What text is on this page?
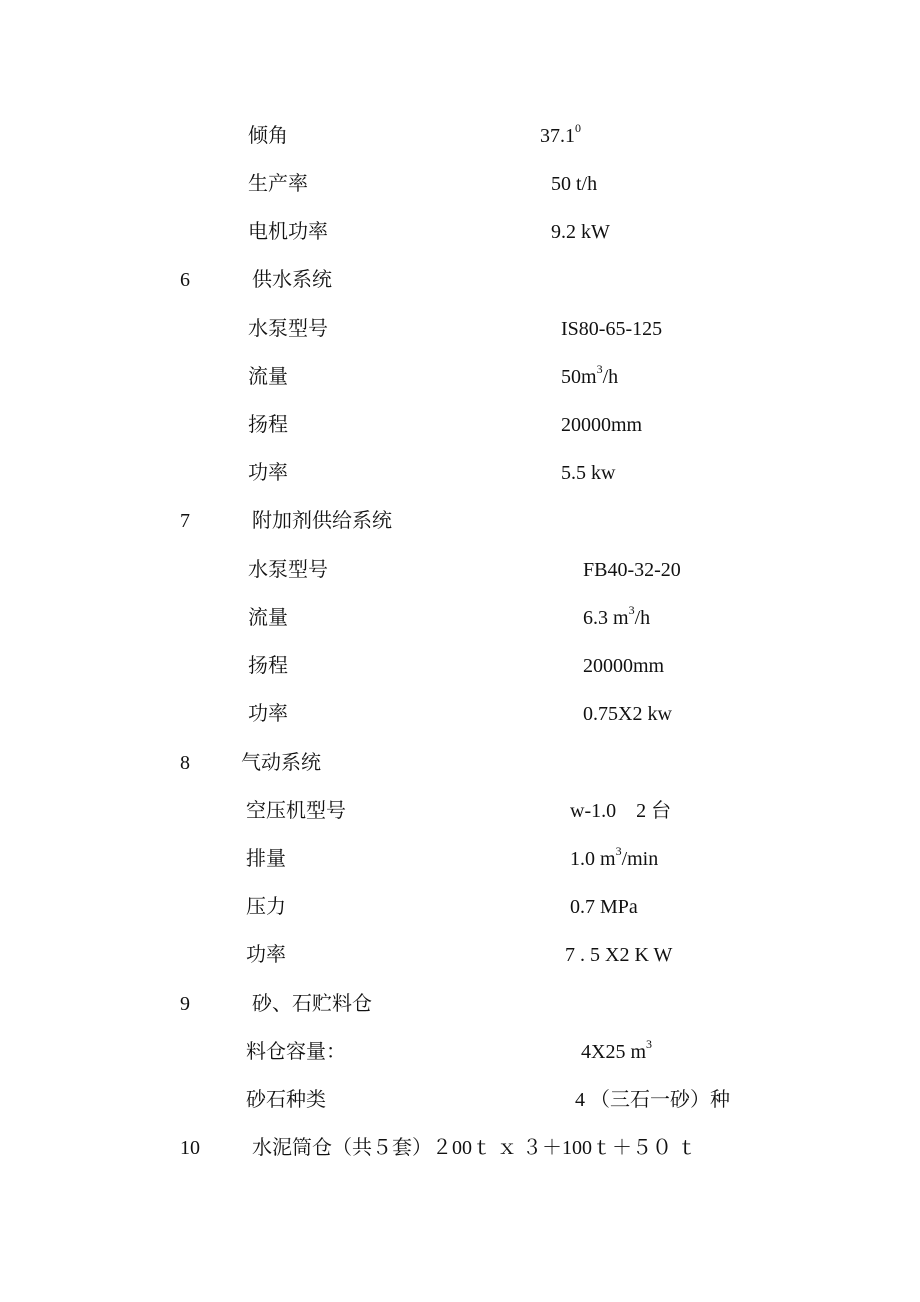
倾角	37.1$^0$
生产率	50 t/h
电机功率	9.2 kW
6	供水系统
水泵型号	IS80-65-125
流量	$50m^3/h$
扬程	20000mm
功率	5.5 kw
7	附加剂供给系统
水泵型号	FB40-32-20
流量	6.3 $m^3/h$
扬程	20000mm
功率	0.75X2 kw
8	气动系统
空压机型号	w-1.0　2 台
排量	1.0 $m^3/\min$
压力	0.7 MPa
功率	7 . 5 X2 K W
9	砂、石贮料仓
料仓容量：	4X25 $m^3$
砂石种类	4 （三石一砂）种
10	水泥筒仓（共５套）２00ｔ ｘ ３＋100ｔ＋５０ ｔ
